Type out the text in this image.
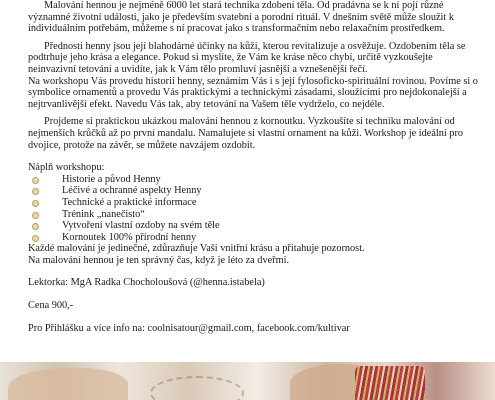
Malování hennou je nejméně 6000 let stará technika zdobení těla. Od pradávna se k ní pojí různé významné životní události, jako je především svatební a porodní rituál. V dnešním světě může sloužit k individuálním potřebám, můžeme s ní pracovat jako s transformačním nebo relaxačním prostředkem.

Přednosti henny jsou její blahodárné účinky na kůži, kterou revitalizuje a osvěžuje. Ozdobením těla se podtrhuje jeho krása a elegance. Pokud si myslíte, že Vám ke kráse něco chybí, určitě vyzkoušejte neinvazivní tetování a uvidíte, jak k Vám tělo promluví jasnější a vznešenější řečí.

Na workshopu Vás provedu historií henny, seznámím Vás i s její fylosoficko-spirituální rovinou. Povíme si o symbolice ornamentů a provedu Vás praktickými a technickými zásadami, sloužícími pro nejdokonalejší a nejtrvanlivější efekt. Navedu Vás tak, aby tetování na Vašem těle vydrželo, co nejdéle.

Projdeme si praktickou ukázkou malování hennou z kornoutku. Vyzkoušíte si techniku malování od nejmenších krůčků až po první mandalu. Namalujete si vlastní ornament na kůži. Workshop je ideální pro dvojice, protože na závěr, se můžete navzájem ozdobit.

Náplň workshopu:

Historie a původ Henny
Léčivé a ochranné aspekty Henny
Technické a praktické informace
Trénink „nanečisto“
Vytvoření vlastní ozdoby na svém těle
Kornoutek 100% přírodní henny

Každé malování je jedinečné, zdůrazňuje Vaší vnitřní krásu a přitahuje pozornost.

Na malování hennou je ten správný čas, když je léto za dveřmi.

Lektorka: MgA Radka Chocholoušová (@henna.istabela)

Cena 900,-

Pro Přihlášku a více info na: coolnisatour@gmail.com, facebook.com/kultivar
